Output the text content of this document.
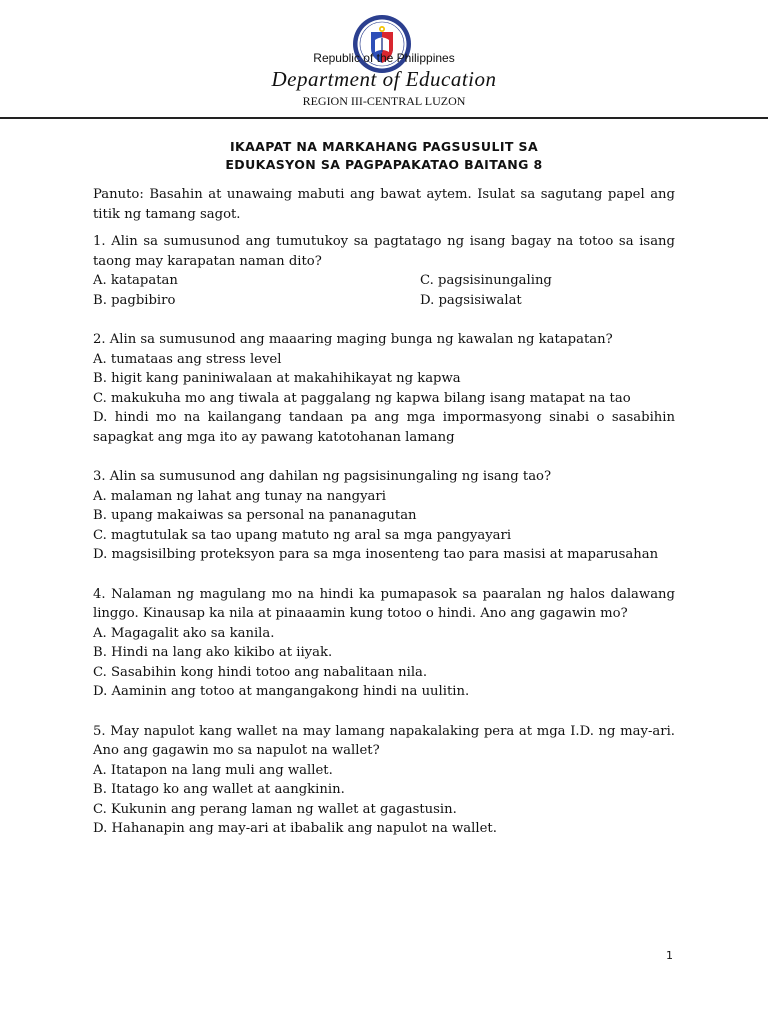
Republic of the Philippines
Department of Education
REGION III-CENTRAL LUZON
IKAAPAT NA MARKAHANG PAGSUSULIT SA
EDUKASYON SA PAGPAPAKATAO BAITANG 8
Panuto: Basahin at unawaing mabuti ang bawat aytem. Isulat sa sagutang papel ang titik ng tamang sagot.
1. Alin sa sumusunod ang tumutukoy sa pagtatago ng isang bagay na totoo sa isang taong may karapatan naman dito?
A. katapatan	C. pagsisinungaling
B. pagbibiro	D. pagsisiwalat
2. Alin sa sumusunod ang maaaring maging bunga ng kawalan ng katapatan?
A. tumataas ang stress level
B. higit kang paniniwalaan at makahihikayat ng kapwa
C. makukuha mo ang tiwala at paggalang ng kapwa bilang isang matapat na tao
D. hindi mo na kailangang tandaan pa ang mga impormasyong sinabi o sasabihin sapagkat ang mga ito ay pawang katotohanan lamang
3. Alin sa sumusunod ang dahilan ng pagsisinungaling ng isang tao?
A. malaman ng lahat ang tunay na nangyari
B. upang makaiwas sa personal na pananagutan
C. magtutulak sa tao upang matuto ng aral sa mga pangyayari
D. magsisilbing proteksyon para sa mga inosenteng tao para masisi at maparusahan
4. Nalaman ng magulang mo na hindi ka pumapasok sa paaralan ng halos dalawang linggo. Kinausap ka nila at pinaaamin kung totoo o hindi. Ano ang gagawin mo?
A. Magagalit ako sa kanila.
B. Hindi na lang ako kikibo at iiyak.
C. Sasabihin kong hindi totoo ang nabalitaan nila.
D. Aaminin ang totoo at mangangakong hindi na uulitin.
5. May napulot kang wallet na may lamang napakalaking pera at mga I.D. ng may-ari. Ano ang gagawin mo sa napulot na wallet?
A. Itatapon na lang muli ang wallet.
B. Itatago ko ang wallet at aangkinin.
C. Kukunin ang perang laman ng wallet at gagastusin.
D. Hahanapin ang may-ari at ibabalik ang napulot na wallet.
1
